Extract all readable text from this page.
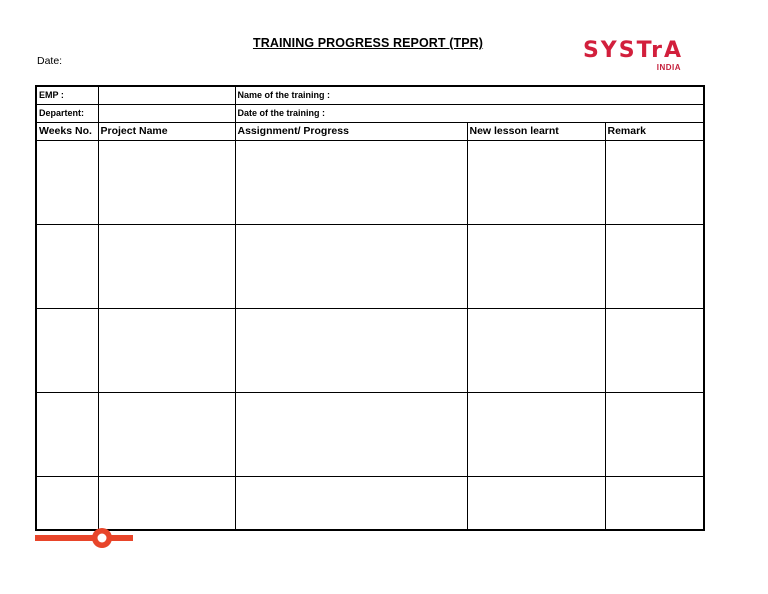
TRAINING PROGRESS REPORT (TPR)
Date:	SYSTrA
INDIA
EMP :		Name of the training :		
Departent:		Date of the training :		
Weeks No.	Project Name	Assignment/ Progress	New lesson learnt	Remark
